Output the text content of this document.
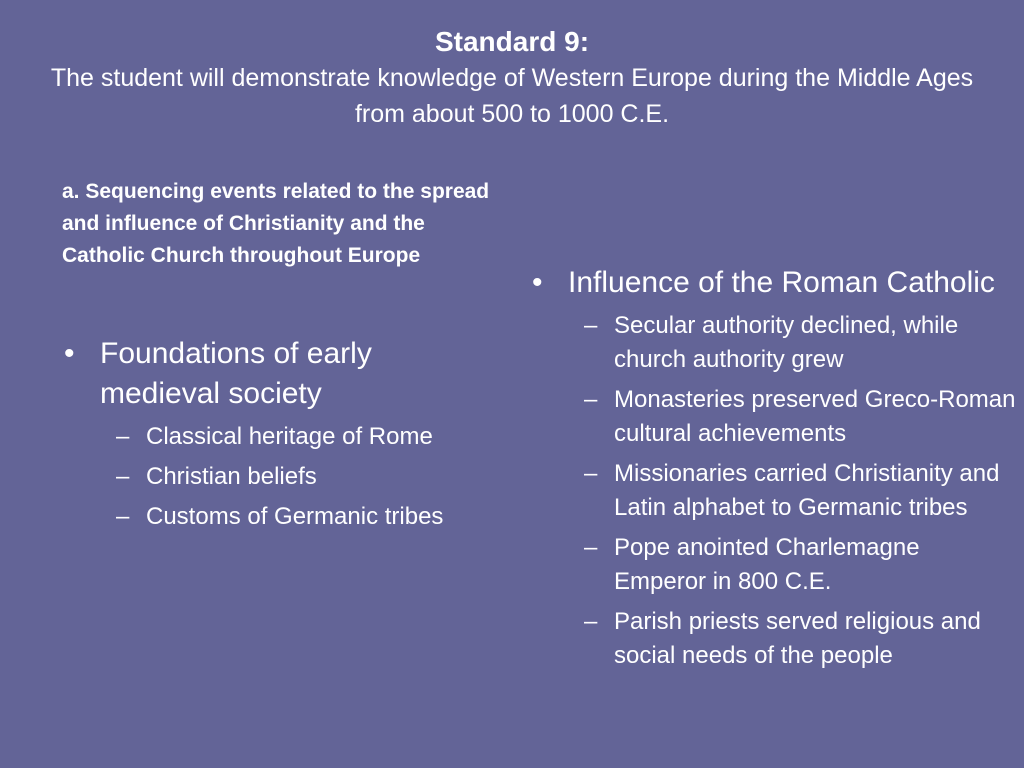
Standard 9:
The student will demonstrate knowledge of Western Europe during the Middle Ages from about 500 to 1000 C.E.
a. Sequencing events related to the spread and influence of Christianity and the Catholic Church throughout Europe
• Foundations of early medieval society
– Classical heritage of Rome
– Christian beliefs
– Customs of Germanic tribes
• Influence of the Roman Catholic
– Secular authority declined, while church authority grew
– Monasteries preserved Greco-Roman cultural achievements
– Missionaries carried Christianity and Latin alphabet to Germanic tribes
– Pope anointed Charlemagne Emperor in 800 C.E.
– Parish priests served religious and social needs of the people
